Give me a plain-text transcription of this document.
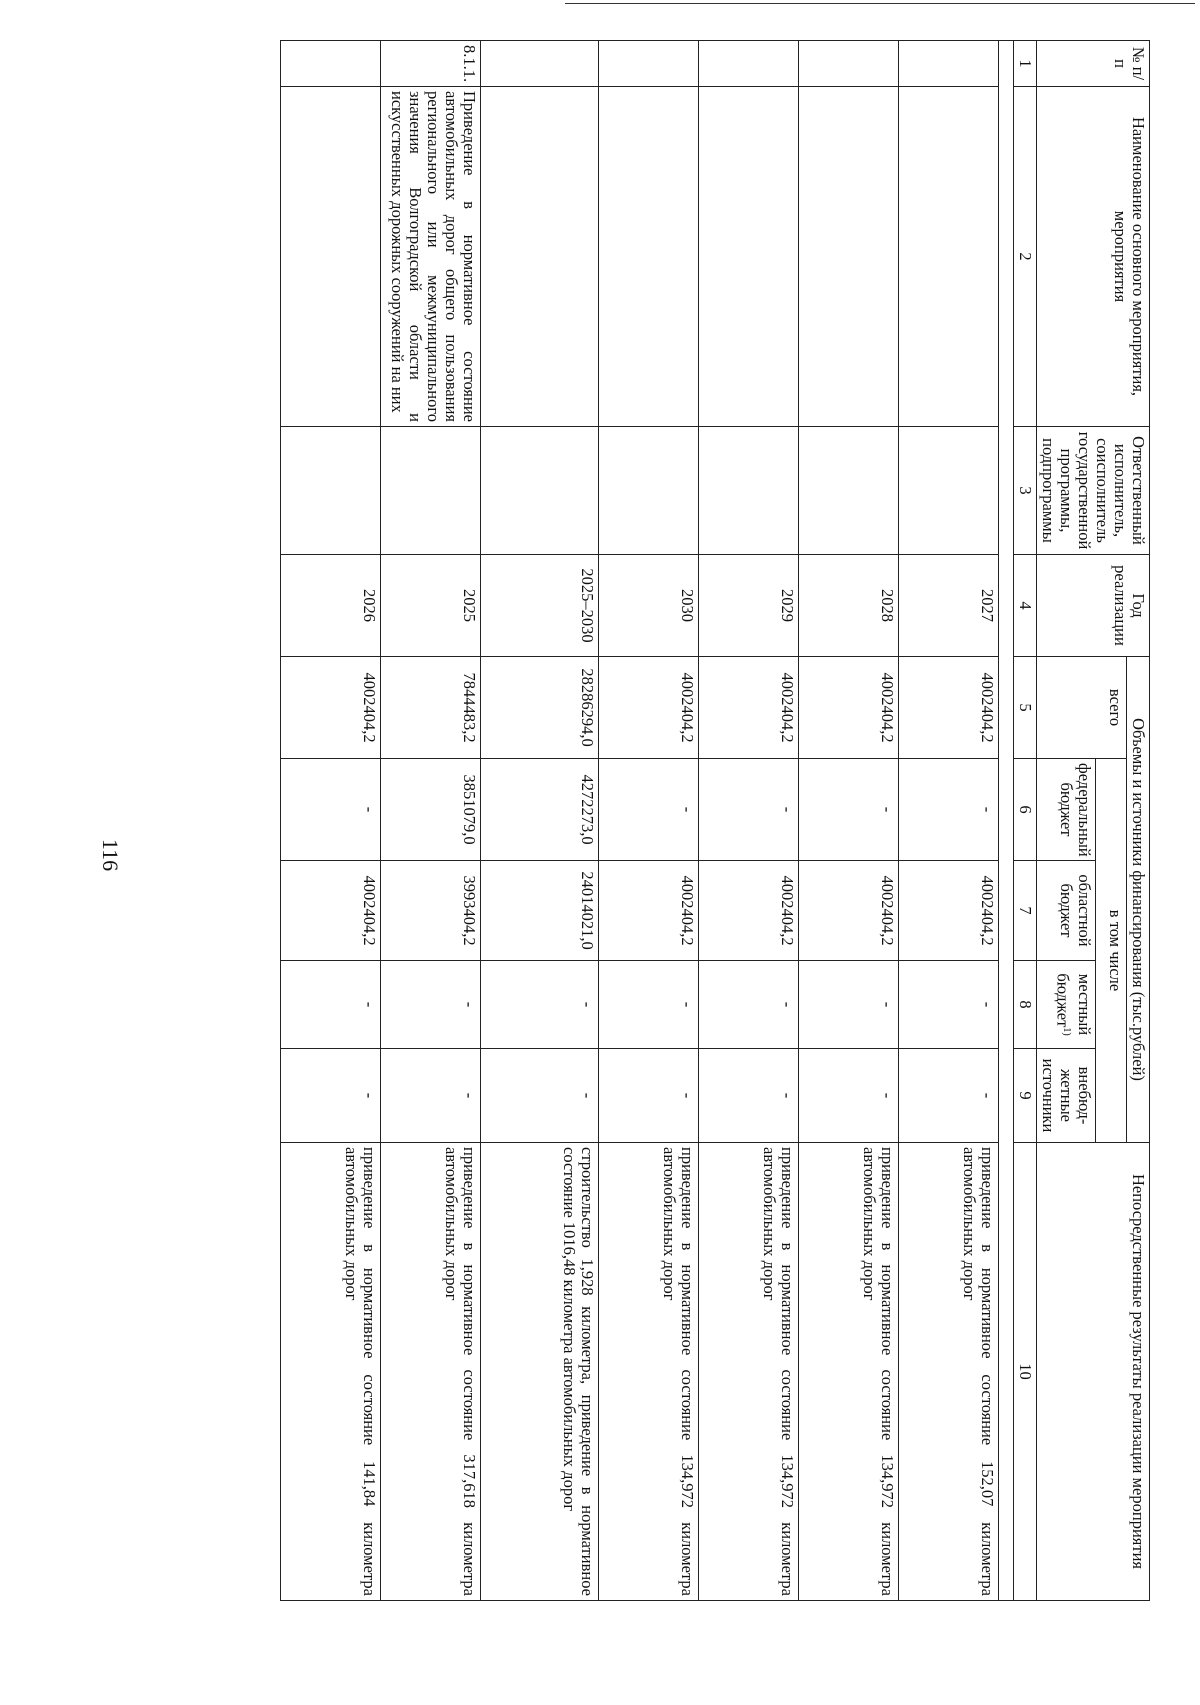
116
№ п/п	Наименование основного мероприятия, мероприятия	Ответственный исполнитель, соисполнитель государственной программы, подпрограммы	Год реализации	Объемы и источники финансирования (тыс.рублей)					Непосредственные результаты реализации мероприятия
				всего	в том числе				
					федеральный бюджет	областной бюджет	местный бюджет$^{1)}$	внебюд-жетные источники	
1	2	3	4	5	6	7	8	9	10

			2027	4002404,2	-	4002404,2	-	-	приведение в нормативное состояние 152,07 километра автомобильных дорог
			2028	4002404,2	-	4002404,2	-	-	приведение в нормативное состояние 134,972 километра автомобильных дорог
			2029	4002404,2	-	4002404,2	-	-	приведение в нормативное состояние 134,972 километра автомобильных дорог
			2030	4002404,2	-	4002404,2	-	-	приведение в нормативное состояние 134,972 километра автомобильных дорог
			2025–2030	28286294,0	4272273,0	24014021,0	-	-	строительство 1,928 километра, приведение в нормативное состояние 1016,48 километра автомобильных дорог
8.1.1.	Приведение в нормативное состояние автомобильных дорог общего пользования регионального или межмуниципального значения Волгоградской области и искусственных дорожных сооружений на них		2025	7844483,2	3851079,0	3993404,2	-	-	приведение в нормативное состояние 317,618 километра автомобильных дорог
			2026	4002404,2	-	4002404,2	-	-	приведение в нормативное состояние 141,84 километра автомобильных дорог
